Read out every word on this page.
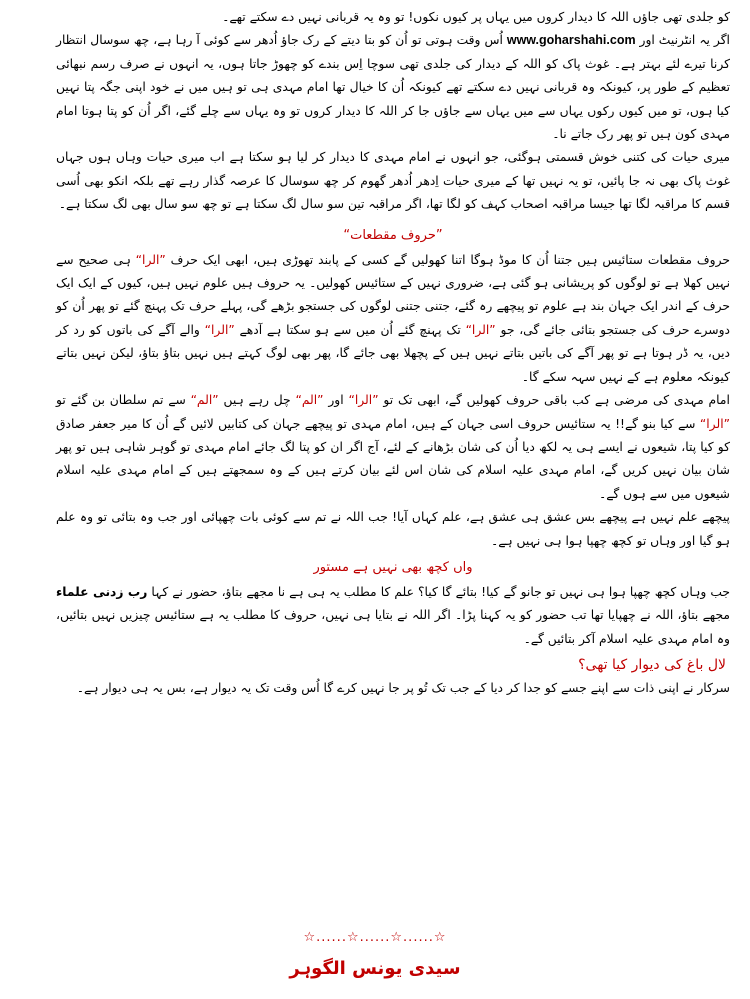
کو جلدی تھی جاؤں اللہ کا دیدار کروں میں یہاں پر کیوں نکوں! تو وہ یہ قربانی نہیں دے سکتے تھے۔

اگر یہ انٹرنیٹ اور www.goharshahi.com اُس وقت ہوتی تو اُن کو بتا دیتے کے رک جاؤ اُدھر سے کوئی آ رہا ہے، چھ سوسال انتظار کرنا تیرے لئے بہتر ہے۔ غوث پاک کو اللہ کے دیدار کی جلدی تھی سوچا اِس بندے کو چھوڑ جاتا ہوں، یہ انہوں نے صرف رسم نبھائی تعظیم کے طور پر، کیونکہ وہ قربانی نہیں دے سکتے تھے کیونکہ اُن کا خیال تھا امام مہدی ہی تو ہیں میں نے خود اپنی جگہ پتا نہیں کیا ہوں، تو میں کیوں رکوں یہاں سے میں یہاں سے جاؤں جا کر اللہ کا دیدار کروں تو وہ یہاں سے چلے گئے، اگر اُن کو پتا ہوتا امام مہدی کون ہیں تو پھر رک جاتے نا۔

میری حیات کی کتنی خوش قسمتی ہوگئی، جو انہوں نے امام مہدی کا دیدار کر لیا ہو سکتا ہے اب میری حیات وہاں ہوں جہاں غوث پاک بھی نہ جا پائیں، تو یہ نہیں تھا کے میری حیات اِدھر اُدھر گھوم کر چھ سوسال کا عرصہ گذار رہے تھے بلکہ انکو بھی اُسی قسم کا مراقبہ لگا تھا جیسا مراقبہ اصحاب کہف کو لگا تھا، اگر مراقبہ تین سو سال لگ سکتا ہے تو چھ سو سال بھی لگ سکتا ہے۔

”حروف مقطعات“

حروف مقطعات ستائیس ہیں جتنا اُن کا موڈ ہوگا اتنا کھولیں گے کسی کے پابند تھوڑی ہیں، ابھی ایک حرف ”الرا“ ہی صحیح سے نہیں کھلا ہے تو لوگوں کو پریشانی ہو گئی ہے، ضروری نہیں کے ستائیس کھولیں۔ یہ حروف ہیں علوم نہیں ہیں، کیوں کے ایک ایک حرف کے اندر ایک جہان بند ہے علوم تو پیچھے رہ گئے، جتنی جتنی لوگوں کی جستجو بڑھے گی، پہلے حرف تک پہنچ گئے تو پھر اُن کو دوسرے حرف کی جستجو بتائی جائے گی، جو ”الرا“ تک پہنچ گئے اُن میں سے ہو سکتا ہے آدھے ”الرا“ والے آگے کی باتوں کو رد کر دیں، یہ ڈر ہوتا ہے تو پھر آگے کی باتیں بتاتے نہیں ہیں کے پچھلا بھی جائے گا، پھر بھی لوگ کہتے ہیں نہیں بتاؤ بتاؤ، لیکن نہیں بتاتے کیونکہ معلوم ہے کے نہیں سہہ سکے گا۔

امام مہدی کی مرضی ہے کب باقی حروف کھولیں گے، ابھی تک تو ”الرا“ اور ”الم“ چل رہے ہیں ”الم“ سے تم سلطان بن گئے تو ”الرا“ سے کیا بنو گے!! یہ ستائیس حروف اسی جہان کے ہیں، امام مہدی تو پیچھے جہان کی کتابیں لائیں گے اُن کا میر جعفر صادق کو کیا پتا، شیعوں نے ایسے ہی یہ لکھ دیا اُن کی شان بڑھانے کے لئے، آج اگر ان کو پتا لگ جائے امام مہدی تو گوہر شاہی ہیں تو پھر شان بیان نہیں کریں گے، امام مہدی علیہ اسلام کی شان اس لئے بیان کرتے ہیں کے وہ سمجھتے ہیں کے امام مہدی علیہ اسلام شیعوں میں سے ہوں گے۔

پیچھے علم نہیں ہے پیچھے بس عشق ہی عشق ہے، علم کہاں آیا! جب اللہ نے تم سے کوئی بات چھپائی اور جب وہ بتائی تو وہ علم ہو گیا اور وہاں تو کچھ چھپا ہوا ہی نہیں ہے۔

واں کچھ بھی نہیں ہے مستور

جب وہاں کچھ چھپا ہوا ہی نہیں تو جانو گے کیا! بتائے گا کیا؟ علم کا مطلب یہ ہی ہے نا مجھے بتاؤ، حضور نے کہا رب زدنی علماء مجھے بتاؤ، اللہ نے چھپایا تھا تب حضور کو یہ کہنا پڑا۔ اگر اللہ نے بتایا ہی نہیں، حروف کا مطلب یہ ہے ستائیس چیزیں نہیں بتائیں، وہ امام مہدی علیہ اسلام آکر بتائیں گے۔

لال باغ کی دیوار کیا تھی؟

سرکار نے اپنی ذات سے اپنے جسے کو جدا کر دیا کے جب تک تُو پر جا نہیں کرے گا اُس وقت تک یہ دیوار ہے، بس یہ ہی دیوار ہے۔

☆......☆......☆......☆
سیدی یونس الگوہر
